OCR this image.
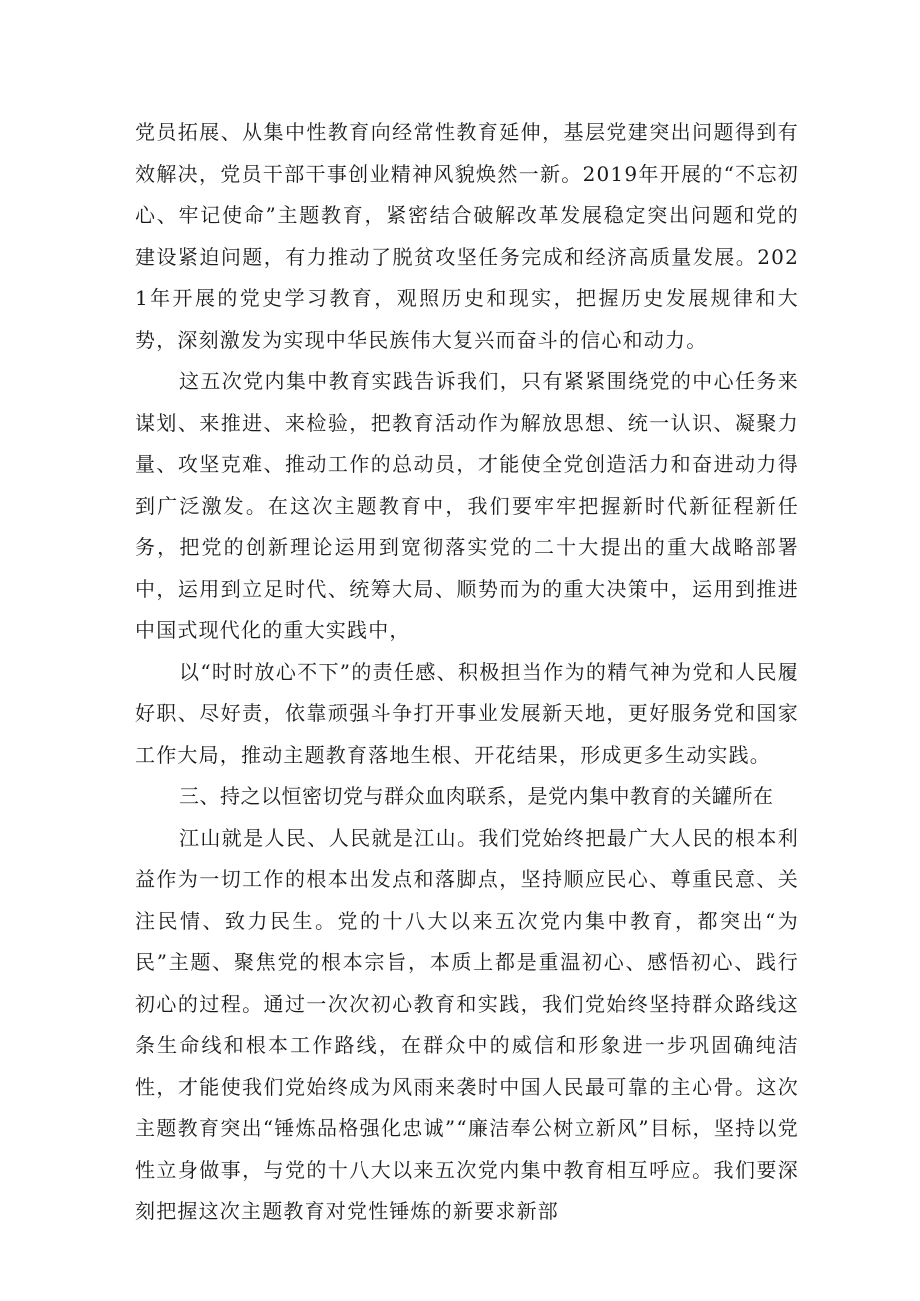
党员拓展、从集中性教育向经常性教育延伸，基层党建突出问题得到有效解决，党员干部干事创业精神风貌焕然一新。2019年开展的“不忘初心、牢记使命”主题教育，紧密结合破解改革发展稳定突出问题和党的建设紧迫问题，有力推动了脱贫攻坚任务完成和经济高质量发展。2021年开展的党史学习教育，观照历史和现实，把握历史发展规律和大势，深刻激发为实现中华民族伟大复兴而奋斗的信心和动力。

这五次党内集中教育实践告诉我们，只有紧紧围绕党的中心任务来谋划、来推进、来检验，把教育活动作为解放思想、统一认识、凝聚力量、攻坚克难、推动工作的总动员，才能使全党创造活力和奋进动力得到广泛激发。在这次主题教育中，我们要牢牢把握新时代新征程新任务，把党的创新理论运用到宽彻落实党的二十大提出的重大战略部署中，运用到立足时代、统筹大局、顺势而为的重大决策中，运用到推进中国式现代化的重大实践中，

以“时时放心不下”的责任感、积极担当作为的精气神为党和人民履好职、尽好责，依靠顽强斗争打开事业发展新天地，更好服务党和国家工作大局，推动主题教育落地生根、开花结果，形成更多生动实践。

三、持之以恒密切党与群众血肉联系，是党内集中教育的关罐所在

江山就是人民、人民就是江山。我们党始终把最广大人民的根本利益作为一切工作的根本出发点和落脚点，坚持顺应民心、尊重民意、关注民情、致力民生。党的十八大以来五次党内集中教育，都突出“为民”主题、聚焦党的根本宗旨，本质上都是重温初心、感悟初心、践行初心的过程。通过一次次初心教育和实践，我们党始终坚持群众路线这条生命线和根本工作路线，在群众中的威信和形象进一步巩固确纯洁性，才能使我们党始终成为风雨来袭时中国人民最可靠的主心骨。这次主题教育突出“锤炼品格强化忠诚”“廉洁奉公树立新风”目标，坚持以党性立身做事，与党的十八大以来五次党内集中教育相互呼应。我们要深刻把握这次主题教育对党性锤炼的新要求新部
